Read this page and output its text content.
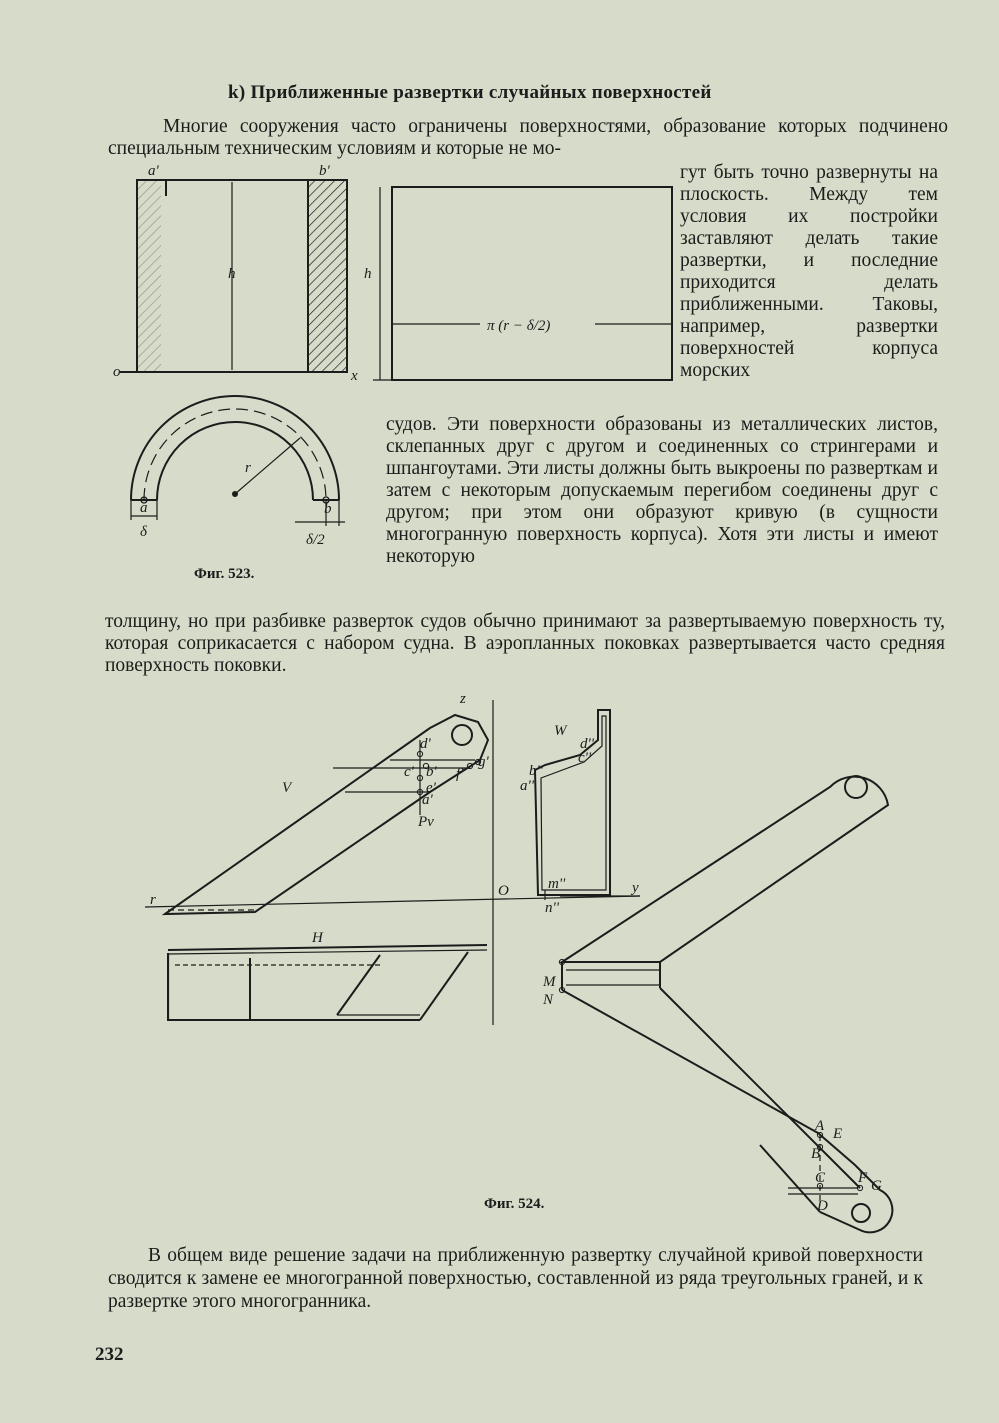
k) Приближенные развертки случайных поверхностей

Многие сооружения часто ограничены поверхностями, образование которых подчинено специальным техническим условиям и которые не мо-

гут быть точно развернуты на плоскость. Между тем условия их постройки заставляют делать такие развертки, и последние приходится делать приближенными. Таковы, например, развертки поверхностей корпуса морских

судов. Эти поверхности образованы из металлических листов, склепанных друг с другом и соединенных со стрингерами и шпангоутами. Эти листы должны быть выкроены по разверткам и затем с некоторым допускаемым перегибом соединены друг с другом; при этом они образуют кривую (в сущности многогранную поверхность корпуса). Хотя эти листы и имеют некоторую

толщину, но при разбивке разверток судов обычно принимают за развертываемую поверхность ту, которая соприкасается с набором судна. В аэропланных поковках развертывается часто средняя поверхность поковки.

a'	b'
h	h
o	x
π (r − δ/2)
r
a	b
δ	δ/2
z
V
H
W
O	y
d'
c' b' f'
g'
e'
a'
Pv
r
d''
c''
b''
a''
m''
n''
M
N
A E
B
C F G
D
Фиг. 523.
Фиг. 524.

В общем виде решение задачи на приближенную развертку случайной кривой поверхности сводится к замене ее многогранной поверхностью, составленной из ряда треугольных граней, и к развертке этого многогранника.

232
